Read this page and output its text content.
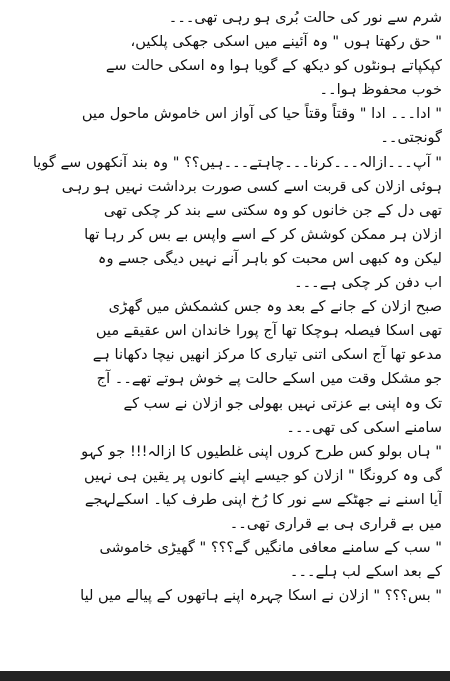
شرم سے نور کی حالت بُری ہو رہی تھی۔۔۔
" حق رکھتا ہوں " وہ آئینے میں اسکی جھکی پلکیں،
کپکپاتے ہونٹوں کو دیکھ کے گویا ہوا وہ اسکی حالت سے
خوب محفوظ ہوا۔۔
" ادا۔۔۔ ادا " وقتاً وقتاً حیا کی آواز اس خاموش ماحول میں
گونجتی۔۔
" آپ۔۔۔ازالہ۔۔۔کرنا۔۔۔چاہتے۔۔۔ہیں؟؟ " وہ بند آنکھوں سے گویا
ہوئی ازلان کی قربت اسے کسی صورت برداشت نہیں ہو رہی
تھی دل کے جن خانوں کو وہ سکتی سے بند کر چکی تھی
ازلان ہر ممکن کوشش کر کے اسے واپس بے بس کر رہا تھا
لیکن وہ کبھی اس محبت کو باہر آنے نہیں دیگی جسے وہ
اب دفن کر چکی ہے۔۔۔
صبح ازلان کے جانے کے بعد وہ جس کشمکش میں گھڑی
تھی اسکا فیصلہ ہوچکا تھا آج پورا خاندان اس عقیقے میں
مدعو تھا آج اسکی اتنی تیاری کا مرکز انھیں نیچا دکھانا ہے
جو مشکل وقت میں اسکے حالت پے خوش ہوتے تھے۔۔ آج
تک وہ اپنی بے عزتی نہیں بھولی جو ازلان نے سب کے
سامنے اسکی کی تھی۔۔۔
" ہاں بولو کس طرح کروں اپنی غلطیوں کا ازالہ!!! جو کہو
گی وہ کرونگا " ازلان کو جیسے اپنے کانوں پر یقین ہی نہیں
آیا اسنے نے جھٹکے سے نور کا رُخ اپنی طرف کیا۔ اسکےلہجے
میں بے قراری ہی بے قراری تھی۔۔
" سب کے سامنے معافی مانگیں گے؟؟؟ " گھیڑی خاموشی
کے بعد اسکے لب ہلے۔۔۔
" بس؟؟؟ " ازلان نے اسکا چہرہ اپنے ہاتھوں کے پیالے میں لیا
